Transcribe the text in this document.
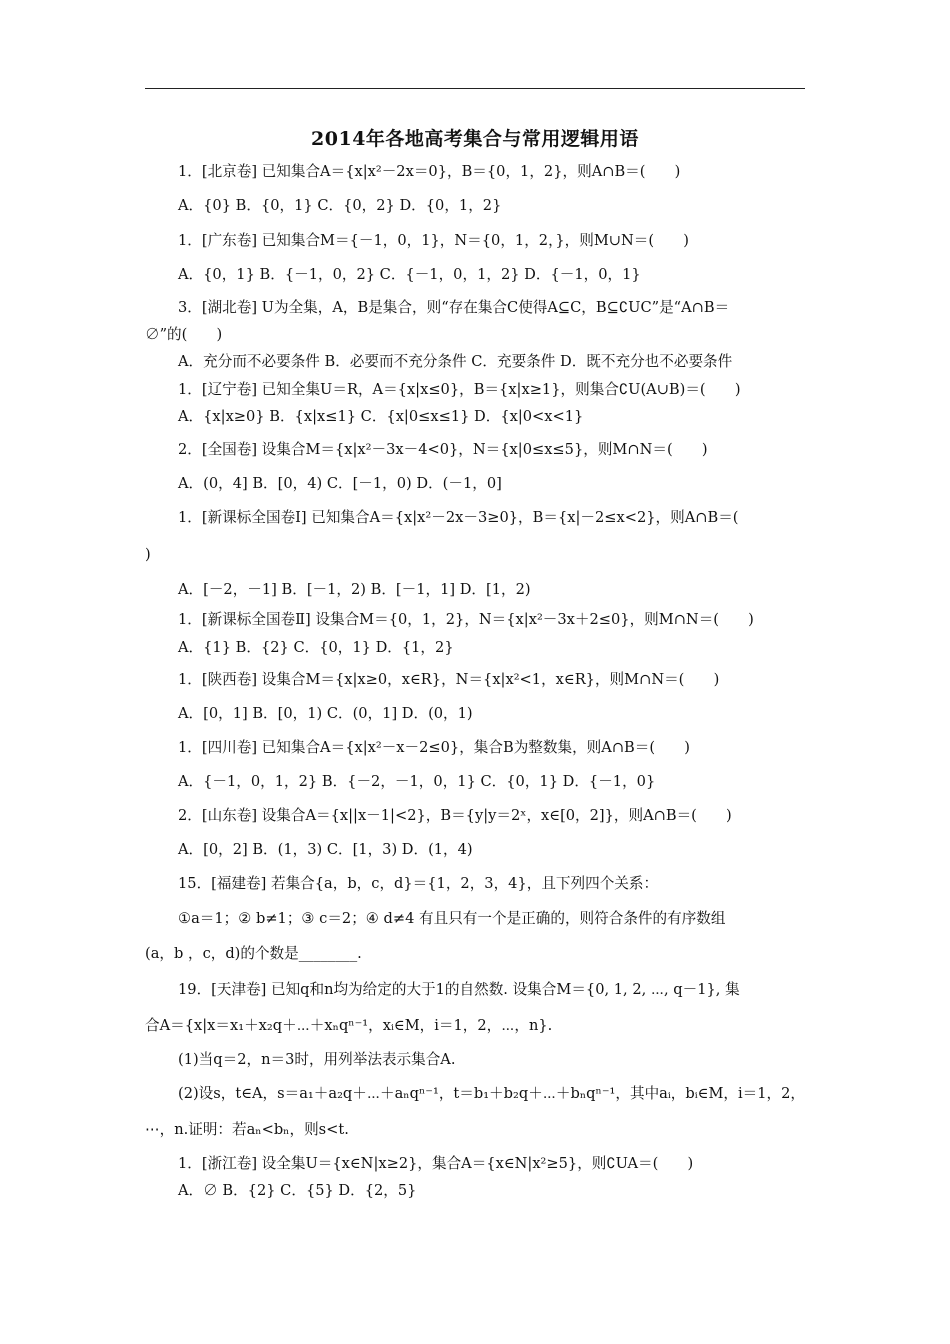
2014年各地高考集合与常用逻辑用语
1．[北京卷] 已知集合A＝{x|x²－2x＝0}，B＝{0，1，2}，则A∩B＝(　　)
A．{0} B．{0，1} C．{0，2} D．{0，1，2}
1．[广东卷] 已知集合M＝{－1，0，1}，N＝{0，1，2，}，则M∪N＝(　　)
A．{0，1} B．{－1，0，2} C．{－1，0，1，2} D．{－1，0，1}
3．[湖北卷] U为全集，A，B是集合，则“存在集合C使得A⊆C，B⊆∁UC”是“A∩B＝
∅”的(　　)
A．充分而不必要条件 B．必要而不充分条件 C．充要条件 D．既不充分也不必要条件
1．[辽宁卷] 已知全集U＝R，A＝{x|x≤0}，B＝{x|x≥1}，则集合∁U(A∪B)＝(　　)
A．{x|x≥0} B．{x|x≤1} C．{x|0≤x≤1} D．{x|0<x<1}
2．[全国卷] 设集合M＝{x|x²－3x－4<0}，N＝{x|0≤x≤5}，则M∩N＝(　　)
A．(0，4] B．[0，4) C．[－1，0) D．(－1，0]
1．[新课标全国卷Ⅰ] 已知集合A＝{x|x²－2x－3≥0}，B＝{x|－2≤x<2}，则A∩B＝(
)
A．[－2，－1] B．[－1，2) B．[－1，1] D．[1，2)
1．[新课标全国卷Ⅱ] 设集合M＝{0，1，2}，N＝{x|x²－3x＋2≤0}，则M∩N＝(　　)
A．{1} B．{2} C．{0，1} D．{1，2}
1．[陕西卷] 设集合M＝{x|x≥0，x∈R}，N＝{x|x²<1，x∈R}，则M∩N＝(　　)
A．[0，1] B．[0，1) C．(0，1] D．(0，1)
1．[四川卷] 已知集合A＝{x|x²－x－2≤0}，集合B为整数集，则A∩B＝(　　)
A．{－1，0，1，2} B．{－2，－1，0，1} C．{0，1} D．{－1，0}
2．[山东卷] 设集合A＝{x||x－1|<2}，B＝{y|y＝2ˣ，x∈[0，2]}，则A∩B＝(　　)
A．[0，2] B．(1，3) C．[1，3) D．(1，4)
15．[福建卷] 若集合{a，b，c，d}＝{1，2，3，4}，且下列四个关系：
①a＝1；② b≠1；③ c＝2；④ d≠4 有且只有一个是正确的，则符合条件的有序数组
(a，b ，c，d)的个数是________.
19．[天津卷] 已知q和n均为给定的大于1的自然数. 设集合M＝{0, 1, 2, ⋯, q－1}, 集
合A＝{x|x＝x₁＋x₂q＋⋯＋xₙqⁿ⁻¹，xᵢ∈M，i＝1，2，⋯，n}.
(1)当q＝2，n＝3时，用列举法表示集合A.
(2)设s，t∈A，s＝a₁＋a₂q＋⋯＋aₙqⁿ⁻¹，t＝b₁＋b₂q＋⋯＋bₙqⁿ⁻¹，其中aᵢ，bᵢ∈M，i＝1，2，
⋯，n.证明：若aₙ<bₙ，则s<t.
1．[浙江卷] 设全集U＝{x∈N|x≥2}，集合A＝{x∈N|x²≥5}，则∁UA＝(　　)
A．∅ B．{2} C．{5} D．{2，5}
